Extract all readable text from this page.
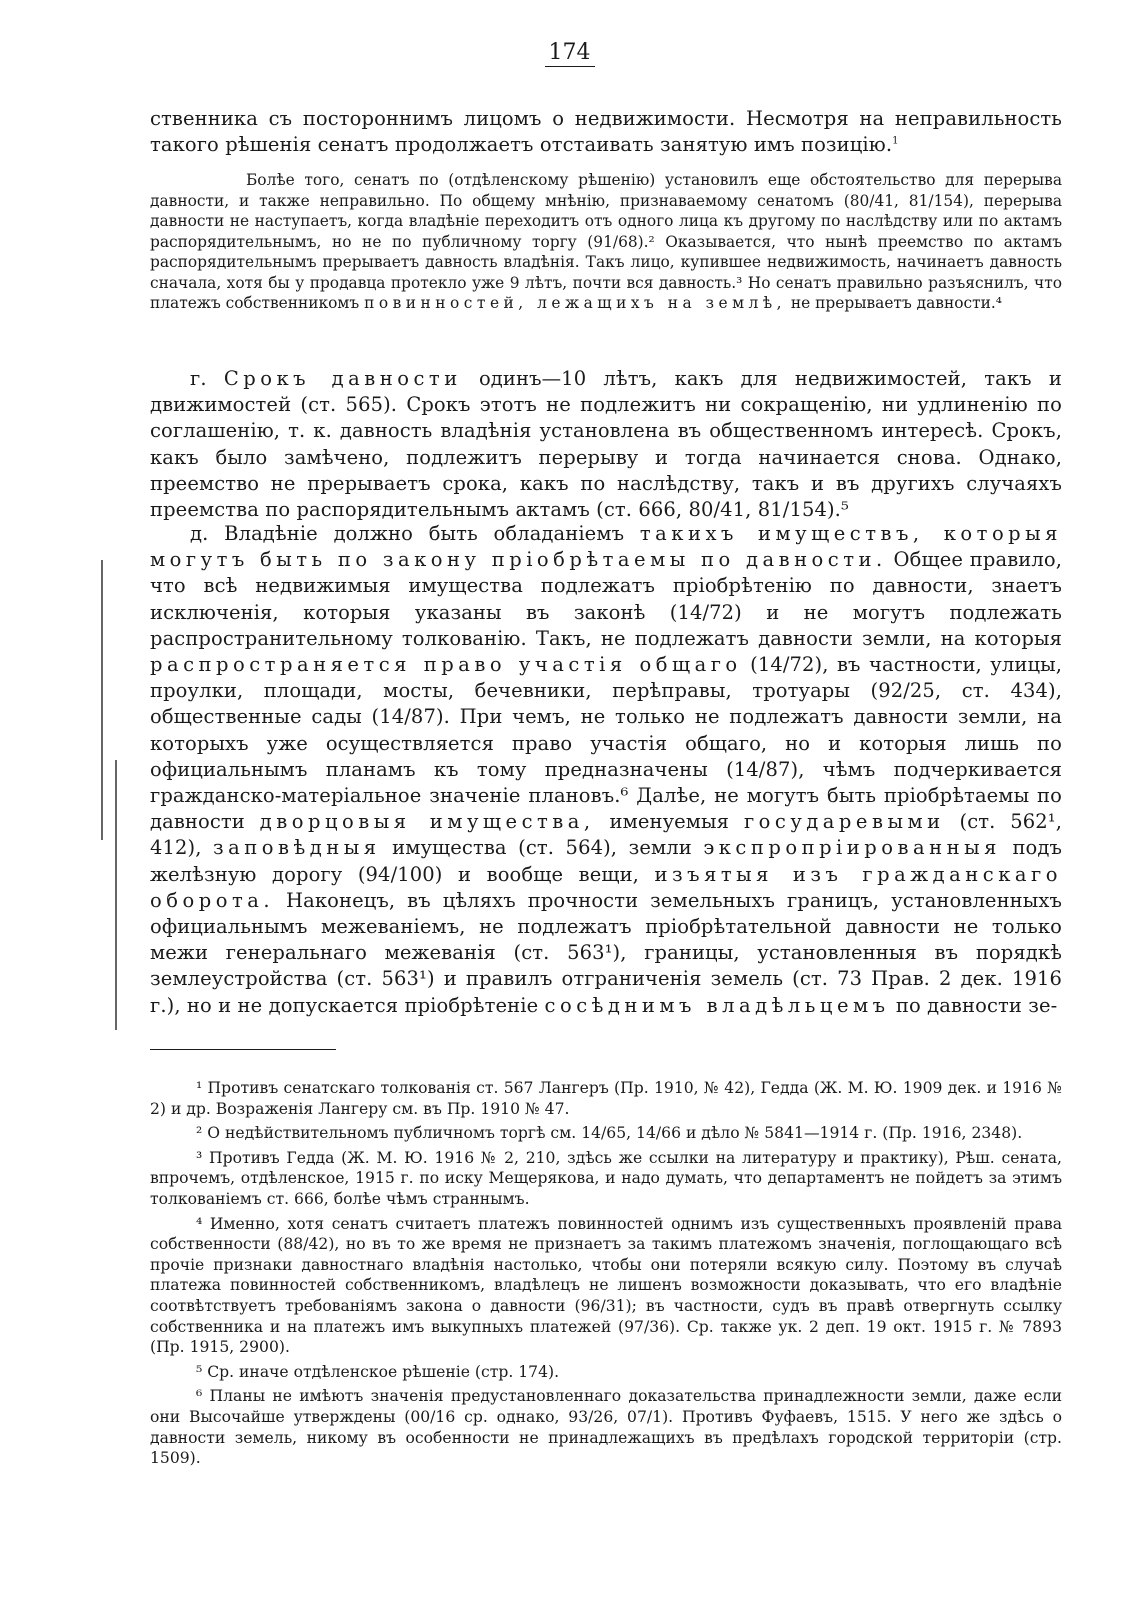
174

ственника съ постороннимъ лицомъ о недвижимости. Несмотря на неправильность такого рѣшенія сенатъ продолжаетъ отстаивать занятую имъ позицію.$^1$

Болѣе того, сенатъ по (отдѣленскому рѣшенію) установилъ еще обстоятельство для перерыва давности, и также неправильно. По общему мнѣнію, признаваемому сенатомъ (80/41, 81/154), перерыва давности не наступаетъ, когда владѣніе переходитъ отъ одного лица къ другому по наслѣдству или по актамъ распорядительнымъ, но не по публичному торгу (91/68).² Оказывается, что нынѣ преемство по актамъ распорядительнымъ прерываетъ давность владѣнія. Такъ лицо, купившее недвижимость, начинаетъ давность сначала, хотя бы у продавца протекло уже 9 лѣтъ, почти вся давность.³ Но сенатъ правильно разъяснилъ, что платежъ собственникомъ повинностей, лежащихъ на землѣ, не прерываетъ давности.⁴

г. Срокъ давности одинъ—10 лѣтъ, какъ для недвижимостей, такъ и движимостей (ст. 565). Срокъ этотъ не подлежитъ ни сокращенію, ни удлиненію по соглашенію, т. к. давность владѣнія установлена въ общественномъ интересѣ. Срокъ, какъ было замѣчено, подлежитъ перерыву и тогда начинается снова. Однако, преемство не прерываетъ срока, какъ по наслѣдству, такъ и въ другихъ случаяхъ преемства по распорядительнымъ актамъ (ст. 666, 80/41, 81/154).⁵

д. Владѣніе должно быть обладаніемъ такихъ имуществъ, которыя могутъ быть по закону пріобрѣтаемы по давности. Общее правило, что всѣ недвижимыя имущества подлежатъ пріобрѣтенію по давности, знаетъ исключенія, которыя указаны въ законѣ (14/72) и не могутъ подлежать распространительному толкованію. Такъ, не подлежатъ давности земли, на которыя распространяется право участія общаго (14/72), въ частности, улицы, проулки, площади, мосты, бечевники, перѣправы, тротуары (92/25, ст. 434), общественные сады (14/87). При чемъ, не только не подлежатъ давности земли, на которыхъ уже осуществляется право участія общаго, но и которыя лишь по официальнымъ планамъ къ тому предназначены (14/87), чѣмъ подчеркивается гражданско-матеріальное значеніе плановъ.⁶ Далѣе, не могутъ быть пріобрѣтаемы по давности дворцовыя имущества, именуемыя государевыми (ст. 562¹, 412), заповѣдныя имущества (ст. 564), земли экспропріированныя подъ желѣзную дорогу (94/100) и вообще вещи, изъятыя изъ гражданскаго оборота. Наконецъ, въ цѣляхъ прочности земельныхъ границъ, установленныхъ официальнымъ межеваніемъ, не подлежатъ пріобрѣтательной давности не только межи генеральнаго межеванія (ст. 563¹), границы, установленныя въ порядкѣ землеустройства (ст. 563¹) и правилъ отграниченія земель (ст. 73 Прав. 2 дек. 1916 г.), но и не допускается пріобрѣтеніе сосѣднимъ владѣльцемъ по давности зе-

¹ Противъ сенатскаго толкованія ст. 567 Лангеръ (Пр. 1910, № 42), Гедда (Ж. М. Ю. 1909 дек. и 1916 № 2) и др. Возраженія Лангеру см. въ Пр. 1910 № 47.

² О недѣйствительномъ публичномъ торгѣ см. 14/65, 14/66 и дѣло № 5841—1914 г. (Пр. 1916, 2348).

³ Противъ Гедда (Ж. М. Ю. 1916 № 2, 210, здѣсь же ссылки на литературу и практику), Рѣш. сената, впрочемъ, отдѣленское, 1915 г. по иску Мещерякова, и надо думать, что департаментъ не пойдетъ за этимъ толкованіемъ ст. 666, болѣе чѣмъ страннымъ.

⁴ Именно, хотя сенатъ считаетъ платежъ повинностей однимъ изъ существенныхъ проявленій права собственности (88/42), но въ то же время не признаетъ за такимъ платежомъ значенія, поглощающаго всѣ прочіе признаки давностнаго владѣнія настолько, чтобы они потеряли всякую силу. Поэтому въ случаѣ платежа повинностей собственникомъ, владѣлецъ не лишенъ возможности доказывать, что его владѣніе соотвѣтствуетъ требованіямъ закона о давности (96/31); въ частности, судъ въ правѣ отвергнуть ссылку собственника и на платежъ имъ выкупныхъ платежей (97/36). Ср. также ук. 2 деп. 19 окт. 1915 г. № 7893 (Пр. 1915, 2900).

⁵ Ср. иначе отдѣленское рѣшеніе (стр. 174).

⁶ Планы не имѣютъ значенія предустановленнаго доказательства принадлежности земли, даже если они Высочайше утверждены (00/16 ср. однако, 93/26, 07/1). Противъ Фуфаевъ, 1515. У него же здѣсь о давности земель, никому въ особенности не принадлежащихъ въ предѣлахъ городской территоріи (стр. 1509).
